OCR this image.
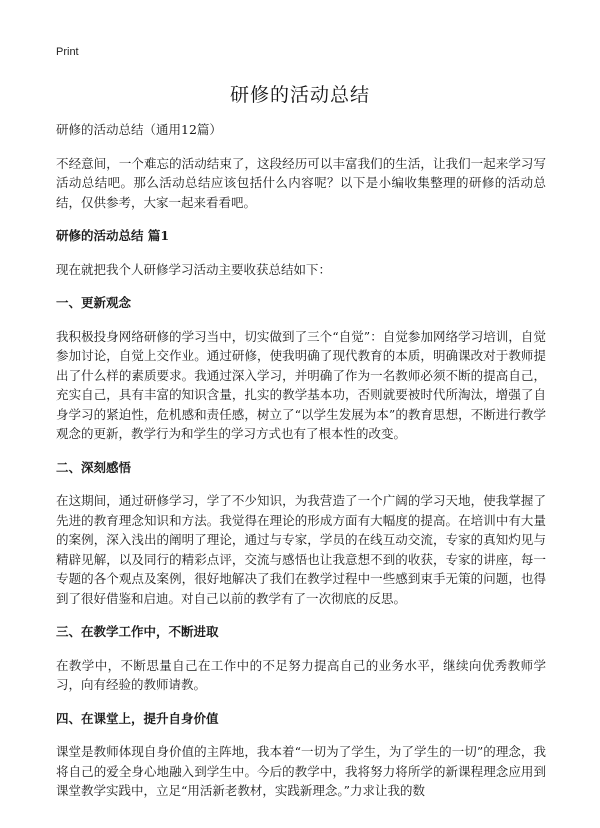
Print
研修的活动总结
研修的活动总结（通用12篇）
不经意间，一个难忘的活动结束了，这段经历可以丰富我们的生活，让我们一起来学习写活动总结吧。那么活动总结应该包括什么内容呢？以下是小编收集整理的研修的活动总结，仅供参考，大家一起来看看吧。
研修的活动总结 篇1
现在就把我个人研修学习活动主要收获总结如下：
一、更新观念
我积极投身网络研修的学习当中，切实做到了三个“自觉”：自觉参加网络学习培训，自觉参加讨论，自觉上交作业。通过研修，使我明确了现代教育的本质，明确课改对于教师提出了什么样的素质要求。我通过深入学习，并明确了作为一名教师必须不断的提高自己，充实自己，具有丰富的知识含量，扎实的教学基本功，否则就要被时代所淘汰，增强了自身学习的紧迫性，危机感和责任感，树立了“以学生发展为本”的教育思想，不断进行教学观念的更新，教学行为和学生的学习方式也有了根本性的改变。
二、深刻感悟
在这期间，通过研修学习，学了不少知识，为我营造了一个广阔的学习天地，使我掌握了先进的教育理念知识和方法。我觉得在理论的形成方面有大幅度的提高。在培训中有大量的案例，深入浅出的阐明了理论，通过与专家，学员的在线互动交流，专家的真知灼见与精辟见解，以及同行的精彩点评，交流与感悟也让我意想不到的收获，专家的讲座，每一专题的各个观点及案例，很好地解决了我们在教学过程中一些感到束手无策的问题，也得到了很好借鉴和启迪。对自己以前的教学有了一次彻底的反思。
三、在教学工作中，不断进取
在教学中，不断思量自己在工作中的不足努力提高自己的业务水平，继续向优秀教师学习，向有经验的教师请教。
四、在课堂上，提升自身价值
课堂是教师体现自身价值的主阵地，我本着“一切为了学生，为了学生的一切”的理念，我将自己的爱全身心地融入到学生中。今后的教学中，我将努力将所学的新课程理念应用到课堂教学实践中，立足“用活新老教材，实践新理念。”力求让我的数
